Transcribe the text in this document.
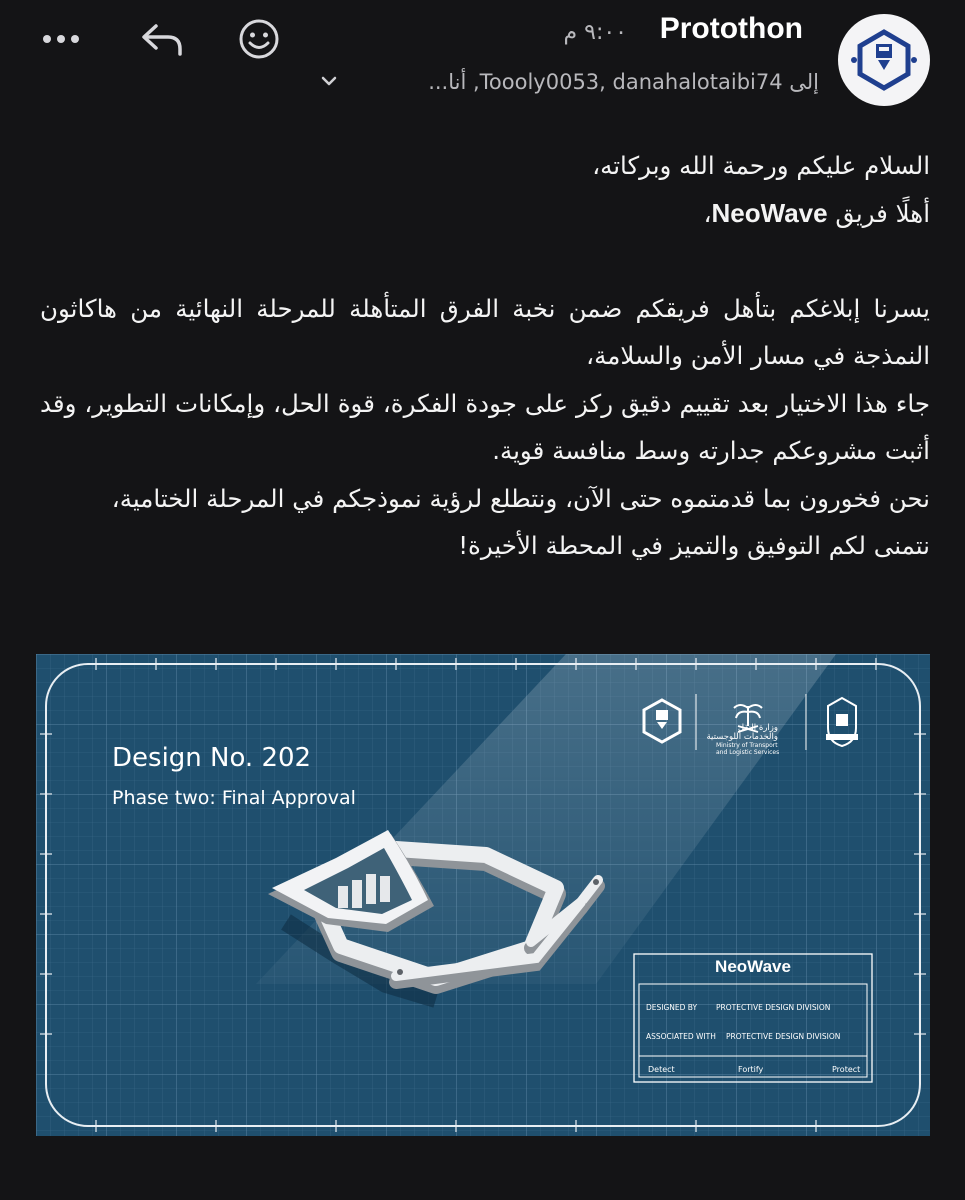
Protothon
٩:٠٠ م
إلى Toooly0053, danahalotaibi74, أنا...

السلام عليكم ورحمة الله وبركاته،

أهلًا فريق NeoWave،

يسرنا إبلاغكم بتأهل فريقكم ضمن نخبة الفرق المتأهلة للمرحلة النهائية من هاكاثون النمذجة في مسار الأمن والسلامة،

جاء هذا الاختيار بعد تقييم دقيق ركز على جودة الفكرة، قوة الحل، وإمكانات التطوير، وقد أثبت مشروعكم جدارته وسط منافسة قوية.

نحن فخورون بما قدمتموه حتى الآن، ونتطلع لرؤية نموذجكم في المرحلة الختامية،

نتمنى لكم التوفيق والتميز في المحطة الأخيرة!

Design No. 202
Phase two: Final Approval
وزارة النقل
والخدمات اللوجستية
Ministry of Transport
and Logistic Services
NeoWave
DESIGNED BY	PROTECTIVE DESIGN DIVISION
ASSOCIATED WITH PROTECTIVE DESIGN DIVISION
Detect	Fortify	Protect
